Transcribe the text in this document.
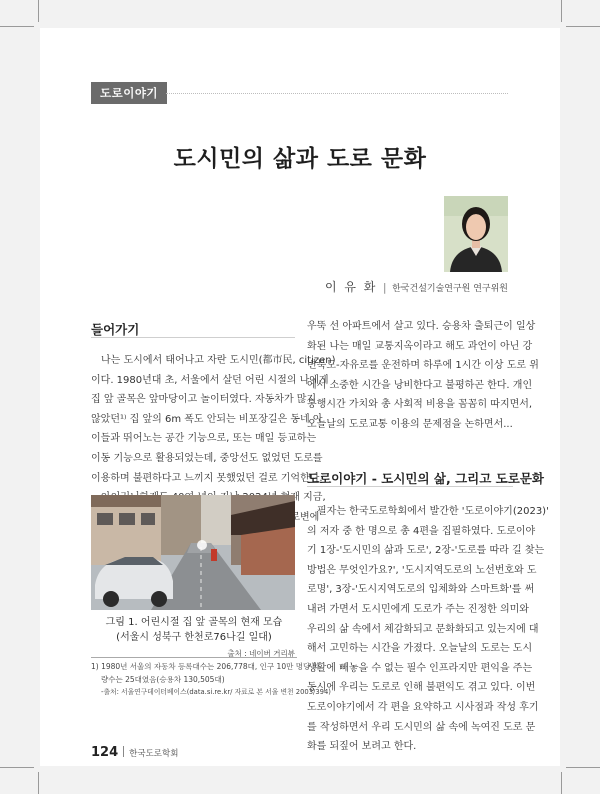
도로이야기
도시민의 삶과 도로 문화
이 유 화 | 한국건설기술연구원 연구위원
들어가기

나는 도시에서 태어나고 자란 도시민(都市民, citizen)
이다. 1980년대 초, 서울에서 살던 어린 시절의 나에게
집 앞 골목은 앞마당이고 놀이터였다. 자동차가 많지
않았던¹⁾ 집 앞의 6m 폭도 안되는 비포장길은 동네 아
이들과 뛰어노는 공간 기능으로, 또는 매일 등교하는
이동 기능으로 활용되었는데, 중앙선도 없었던 도로를
이용하며 불편하다고 느끼지 못했었던 걸로 기억한다.

그림 1. 어린시절 집 앞 골목의 현재 모습
(서울시 성북구 한천로76나길 일대)
출처 : 네이버 거리뷰
1) 1980년 서울의 자동차 등록대수는 206,778대, 인구 10만 명당 차
량수는 25대였음(승용차 130,505대)
-출처: 서울연구데이터베이스(data.si.re.kr/ 자료로 본 서울 변천 2003/394)

우뚝 선 아파트에서 살고 있다. 승용차 출퇴근이 일상
화된 나는 매일 교통지옥이라고 해도 과언이 아닌 강
변북도-자유로를 운전하며 하루에 1시간 이상 도로 위
에서 소중한 시간을 낭비한다고 불평하곤 한다. 개인
통행시간 가치와 총 사회적 비용을 꼼꼼히 따지면서,
오늘날의 도로교통 이용의 문제점을 논하면서...

도로이야기 - 도시민의 삶, 그리고 도로문화

필자는 한국도로학회에서 발간한 '도로이야기(2023)'
의 저자 중 한 명으로 총 4편을 집필하였다. 도로이야
기 1장-'도시민의 삶과 도로', 2장-'도로를 따라 길 찾는
방법은 무엇인가요?', '도시지역도로의 노선번호와 도
로명', 3장-'도시지역도로의 입체화와 스마트화'를 써
내려 가면서 도시민에게 도로가 주는 진정한 의미와
우리의 삶 속에서 체감화되고 문화화되고 있는지에 대
해서 고민하는 시간을 가졌다. 오늘날의 도로는 도시
생활에 빼놓을 수 없는 필수 인프라지만 편익을 주는
동시에 우리는 도로로 인해 불편익도 겪고 있다. 이번
도로이야기에서 각 편을 요약하고 시사점과 작성 후기
를 작성하면서 우리 도시민의 삶 속에 녹여진 도로 문
화를 되짚어 보려고 한다.

124 한국도로학회
